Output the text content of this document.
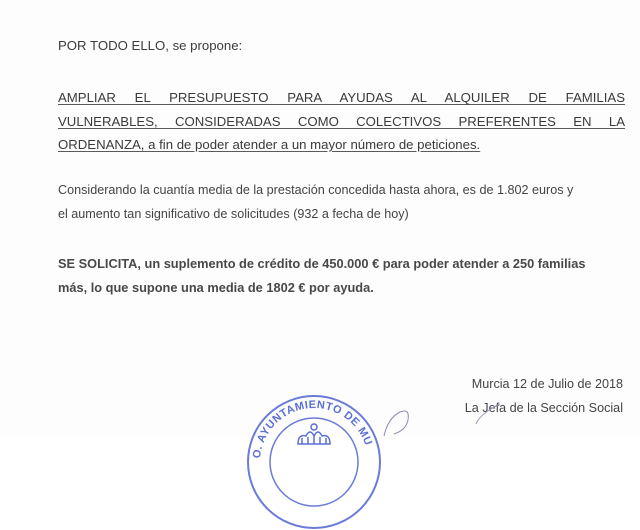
POR TODO ELLO, se propone:
AMPLIAR EL PRESUPUESTO PARA AYUDAS AL ALQUILER DE FAMILIAS
VULNERABLES, CONSIDERADAS COMO COLECTIVOS PREFERENTES EN LA
ORDENANZA, a fin de poder atender a un mayor número de peticiones.
Considerando la cuantía media de la prestación concedida hasta ahora, es de 1.802 euros y
el aumento tan significativo de solicitudes (932 a fecha de hoy)
SE SOLICITA, un suplemento de crédito de 450.000 € para poder atender a 250 familias
más, lo que supone una media de 1802 € por ayuda.
Murcia 12 de Julio de 2018
La Jefa de la Sección Social
O. AYUNTAMIENTO DE MU
